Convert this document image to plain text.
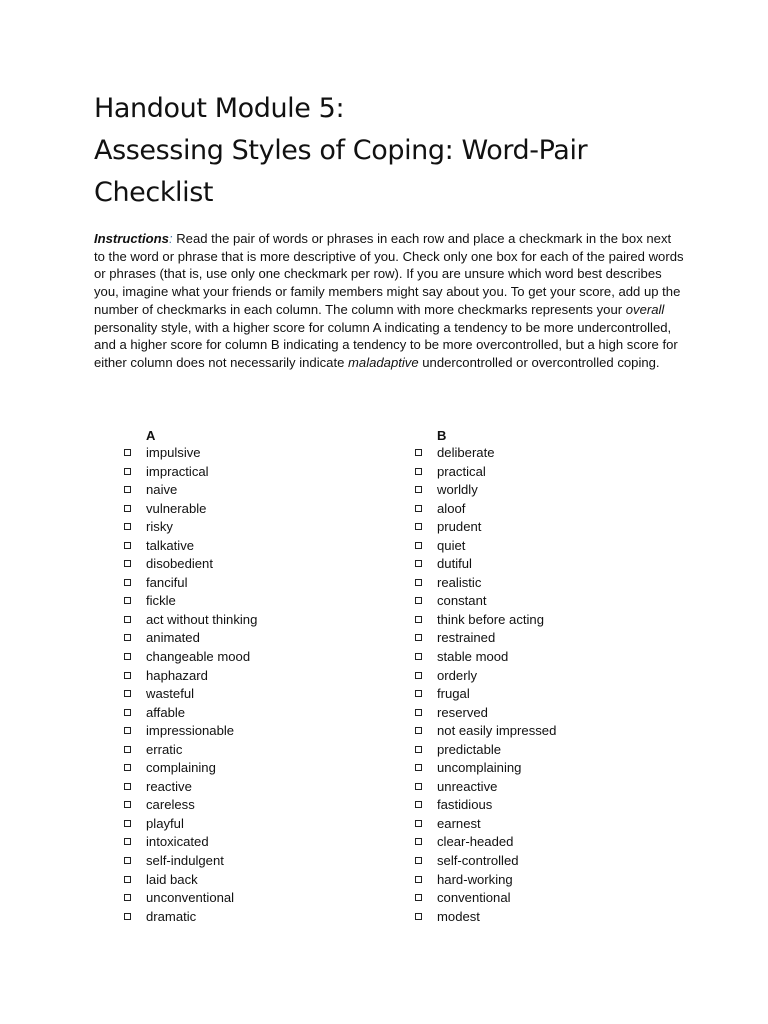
Handout Module 5:
Assessing Styles of Coping: Word-Pair
Checklist

Instructions: Read the pair of words or phrases in each row and place a checkmark in the box next to the word or phrase that is more descriptive of you. Check only one box for each of the paired words or phrases (that is, use only one checkmark per row). If you are unsure which word best describes you, imagine what your friends or family members might say about you. To get your score, add up the number of checkmarks in each column. The column with more checkmarks represents your overall personality style, with a higher score for column A indicating a tendency to be more undercontrolled, and a higher score for column B indicating a tendency to be more overcontrolled, but a high score for either column does not necessarily indicate maladaptive undercontrolled or overcontrolled coping.

A	B
impulsive
impractical
naive
vulnerable
risky
talkative
disobedient
fanciful
fickle
act without thinking
animated
changeable mood
haphazard
wasteful
affable
impressionable
erratic
complaining
reactive
careless
playful
intoxicated
self-indulgent
laid back
unconventional
dramatic
deliberate
practical
worldly
aloof
prudent
quiet
dutiful
realistic
constant
think before acting
restrained
stable mood
orderly
frugal
reserved
not easily impressed
predictable
uncomplaining
unreactive
fastidious
earnest
clear-headed
self-controlled
hard-working
conventional
modest
